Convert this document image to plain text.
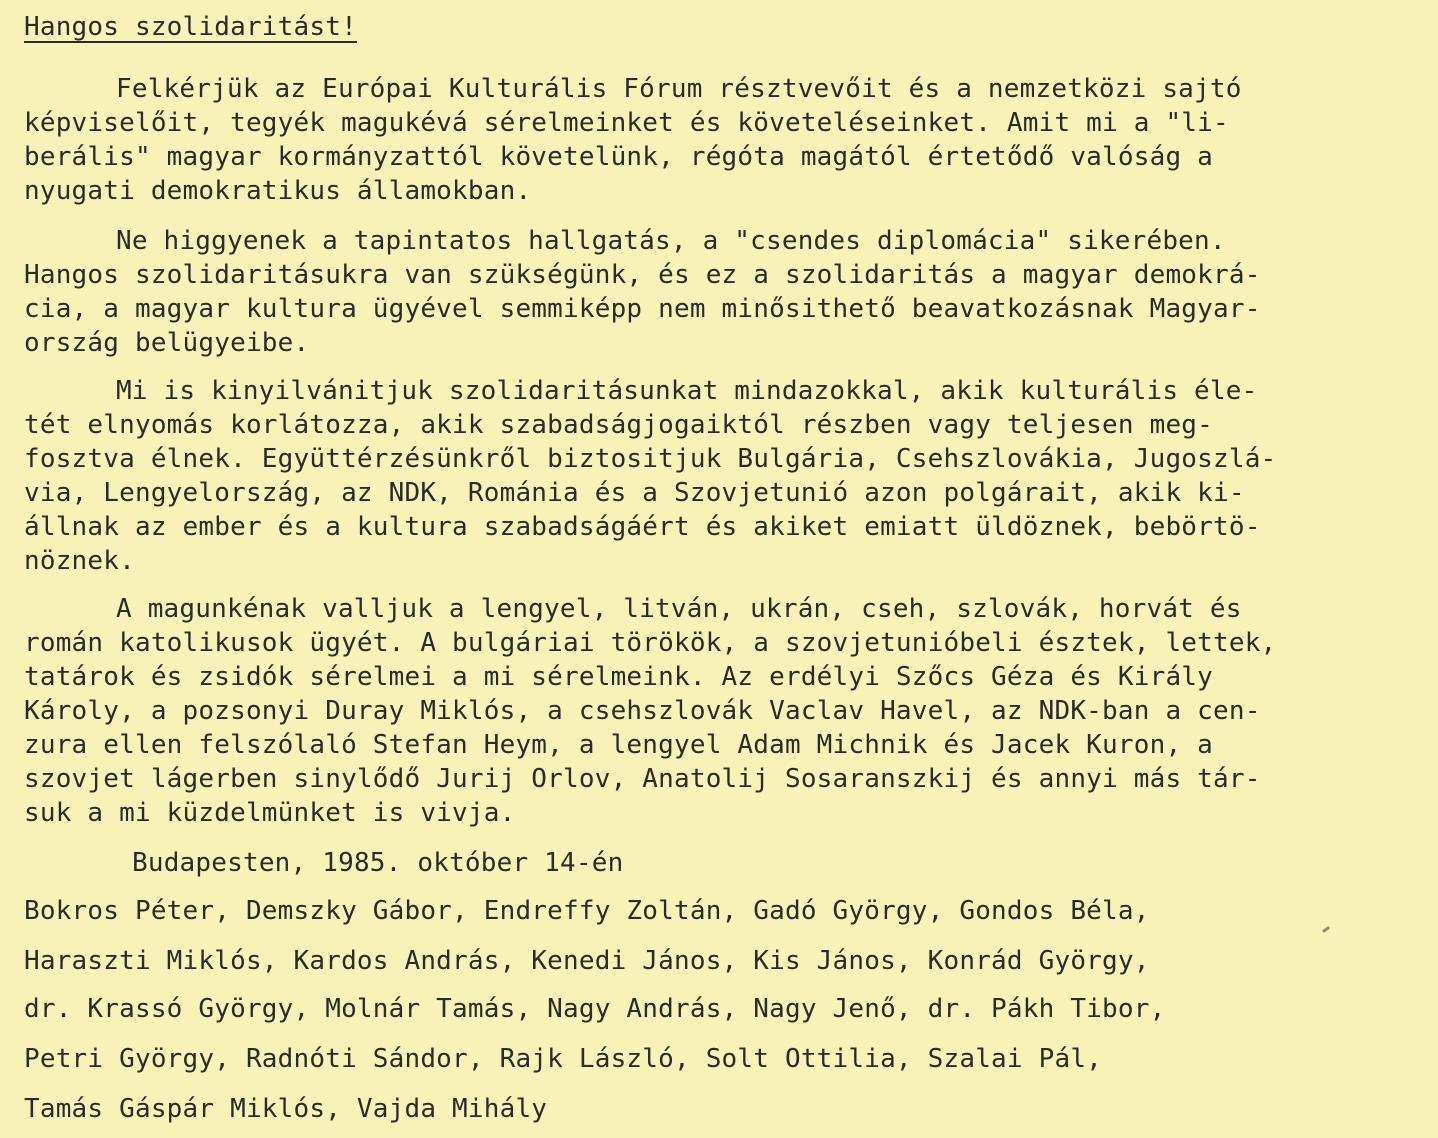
Hangos szolidaritást!
Felkérjük az Európai Kulturális Fórum résztvevőit és a nemzetközi sajtó
képviselőit, tegyék magukévá sérelmeinket és követeléseinket. Amit mi a "li-
berális" magyar kormányzattól követelünk, régóta magától értetődő valóság a
nyugati demokratikus államokban.
Ne higgyenek a tapintatos hallgatás, a "csendes diplomácia" sikerében.
Hangos szolidaritásukra van szükségünk, és ez a szolidaritás a magyar demokrá-
cia, a magyar kultura ügyével semmiképp nem minősithető beavatkozásnak Magyar-
ország belügyeibe.
Mi is kinyilvánitjuk szolidaritásunkat mindazokkal, akik kulturális éle-
tét elnyomás korlátozza, akik szabadságjogaiktól részben vagy teljesen meg-
fosztva élnek. Együttérzésünkről biztositjuk Bulgária, Csehszlovákia, Jugoszlá-
via, Lengyelország, az NDK, Románia és a Szovjetunió azon polgárait, akik ki-
állnak az ember és a kultura szabadságáért és akiket emiatt üldöznek, bebörtö-
nöznek.
A magunkénak valljuk a lengyel, litván, ukrán, cseh, szlovák, horvát és
román katolikusok ügyét. A bulgáriai törökök, a szovjetunióbeli észtek, lettek,
tatárok és zsidók sérelmei a mi sérelmeink. Az erdélyi Szőcs Géza és Király
Károly, a pozsonyi Duray Miklós, a csehszlovák Vaclav Havel, az NDK-ban a cen-
zura ellen felszólaló Stefan Heym, a lengyel Adam Michnik és Jacek Kuron, a
szovjet lágerben sinylődő Jurij Orlov, Anatolij Sosaranszkij és annyi más tár-
suk a mi küzdelmünket is vivja.
Budapesten, 1985. október 14-én
Bokros Péter, Demszky Gábor, Endreffy Zoltán, Gadó György, Gondos Béla,
Haraszti Miklós, Kardos András, Kenedi János, Kis János, Konrád György,
dr. Krassó György, Molnár Tamás, Nagy András, Nagy Jenő, dr. Pákh Tibor,
Petri György, Radnóti Sándor, Rajk László, Solt Ottilia, Szalai Pál,
Tamás Gáspár Miklós, Vajda Mihály
